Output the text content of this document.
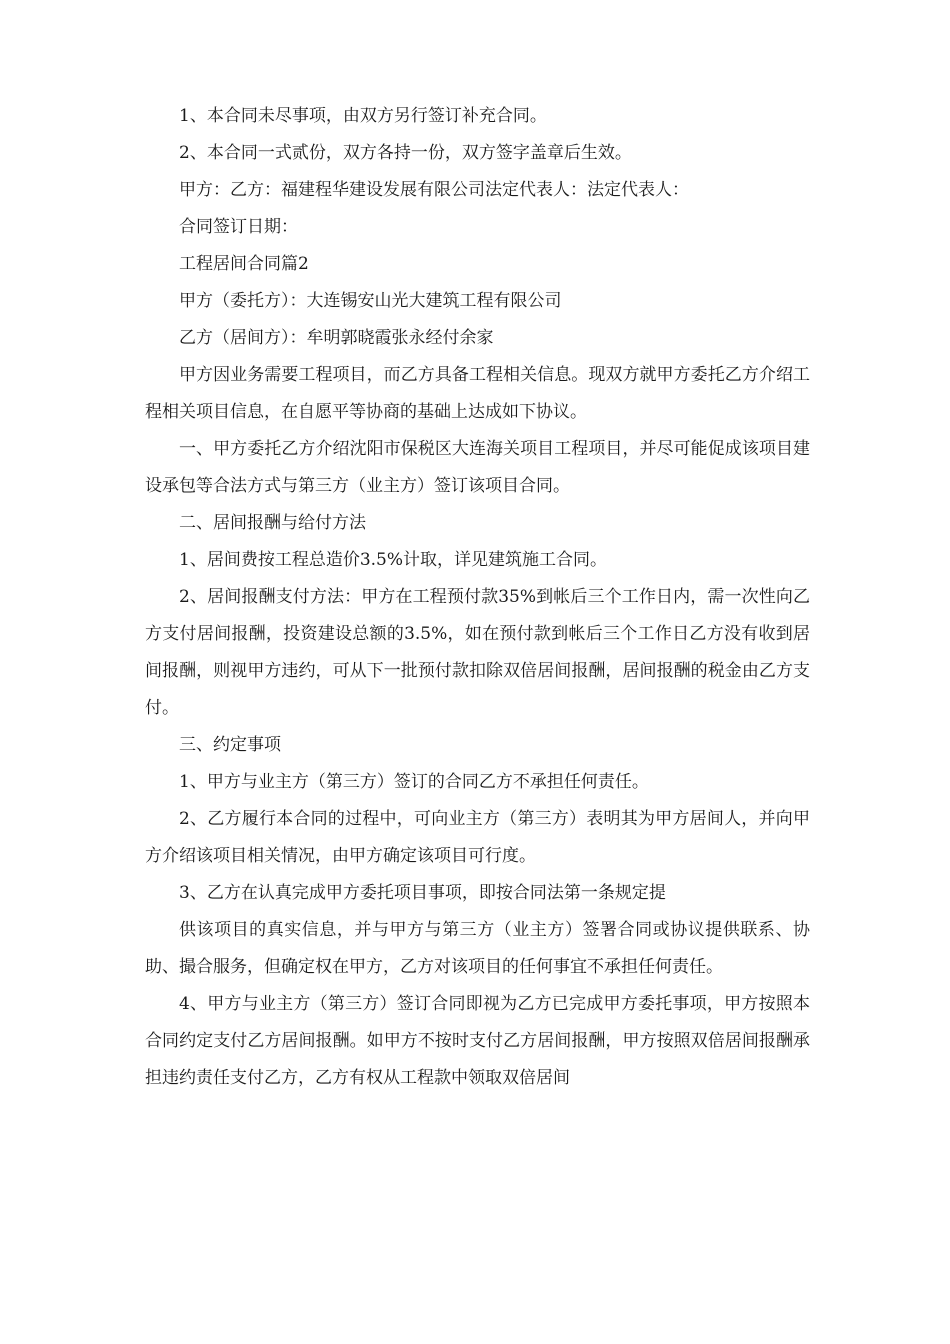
1、本合同未尽事项，由双方另行签订补充合同。

2、本合同一式贰份，双方各持一份，双方签字盖章后生效。

甲方：乙方：福建程华建设发展有限公司法定代表人：法定代表人：

合同签订日期：

工程居间合同篇2

甲方（委托方）：大连锡安山光大建筑工程有限公司

乙方（居间方）：牟明郭晓霞张永经付余家

甲方因业务需要工程项目，而乙方具备工程相关信息。现双方就甲方委托乙方介绍工程相关项目信息，在自愿平等协商的基础上达成如下协议。

一、甲方委托乙方介绍沈阳市保税区大连海关项目工程项目，并尽可能促成该项目建设承包等合法方式与第三方（业主方）签订该项目合同。

二、居间报酬与给付方法

1、居间费按工程总造价3.5%计取，详见建筑施工合同。

2、居间报酬支付方法：甲方在工程预付款35%到帐后三个工作日内，需一次性向乙方支付居间报酬，投资建设总额的3.5%，如在预付款到帐后三个工作日乙方没有收到居间报酬，则视甲方违约，可从下一批预付款扣除双倍居间报酬，居间报酬的税金由乙方支付。

三、约定事项

1、甲方与业主方（第三方）签订的合同乙方不承担任何责任。

2、乙方履行本合同的过程中，可向业主方（第三方）表明其为甲方居间人，并向甲方介绍该项目相关情况，由甲方确定该项目可行度。

3、乙方在认真完成甲方委托项目事项，即按合同法第一条规定提

供该项目的真实信息，并与甲方与第三方（业主方）签署合同或协议提供联系、协助、撮合服务，但确定权在甲方，乙方对该项目的任何事宜不承担任何责任。

4、甲方与业主方（第三方）签订合同即视为乙方已完成甲方委托事项，甲方按照本合同约定支付乙方居间报酬。如甲方不按时支付乙方居间报酬，甲方按照双倍居间报酬承担违约责任支付乙方，乙方有权从工程款中领取双倍居间
